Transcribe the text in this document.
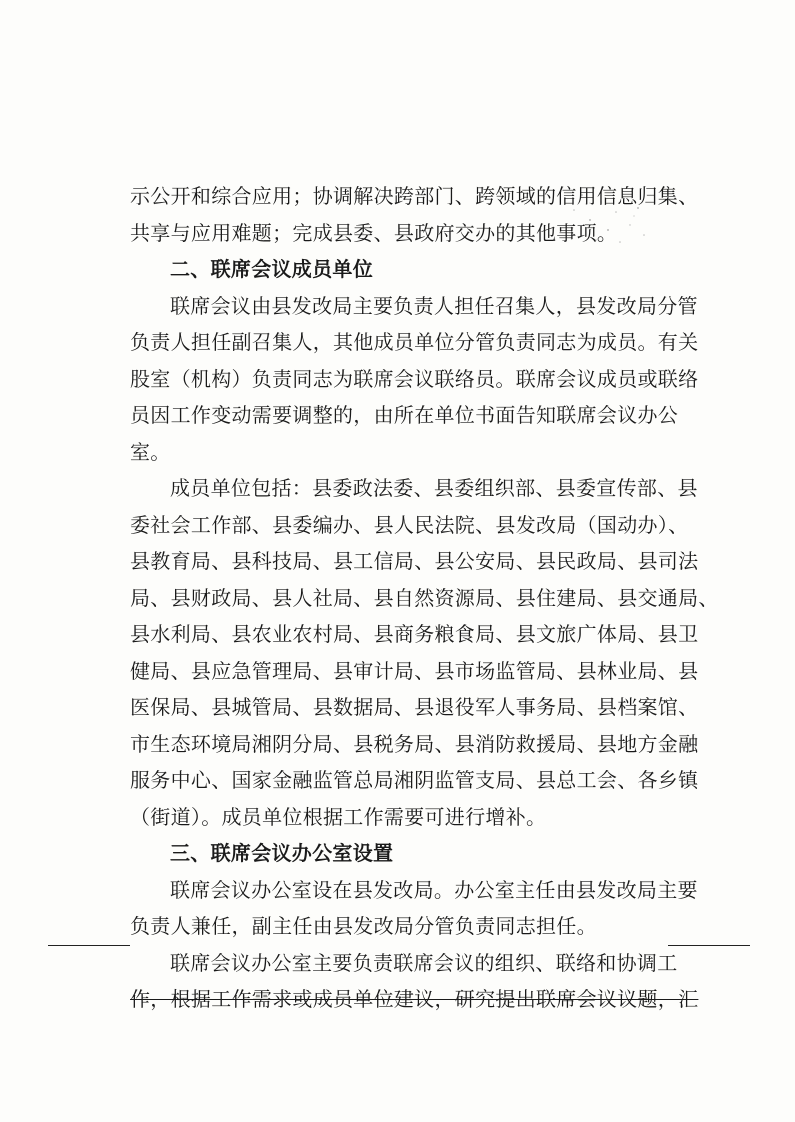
示公开和综合应用；协调解决跨部门、跨领域的信用信息归集、
共享与应用难题；完成县委、县政府交办的其他事项。
二、联席会议成员单位
联席会议由县发改局主要负责人担任召集人，县发改局分管
负责人担任副召集人，其他成员单位分管负责同志为成员。有关
股室（机构）负责同志为联席会议联络员。联席会议成员或联络
员因工作变动需要调整的，由所在单位书面告知联席会议办公
室。
成员单位包括：县委政法委、县委组织部、县委宣传部、县
委社会工作部、县委编办、县人民法院、县发改局（国动办）、
县教育局、县科技局、县工信局、县公安局、县民政局、县司法
局、县财政局、县人社局、县自然资源局、县住建局、县交通局、
县水利局、县农业农村局、县商务粮食局、县文旅广体局、县卫
健局、县应急管理局、县审计局、县市场监管局、县林业局、县
医保局、县城管局、县数据局、县退役军人事务局、县档案馆、
市生态环境局湘阴分局、县税务局、县消防救援局、县地方金融
服务中心、国家金融监管总局湘阴监管支局、县总工会、各乡镇
（街道）。成员单位根据工作需要可进行增补。
三、联席会议办公室设置
联席会议办公室设在县发改局。办公室主任由县发改局主要
负责人兼任，副主任由县发改局分管负责同志担任。
联席会议办公室主要负责联席会议的组织、联络和协调工
作，根据工作需求或成员单位建议，研究提出联席会议议题，汇
